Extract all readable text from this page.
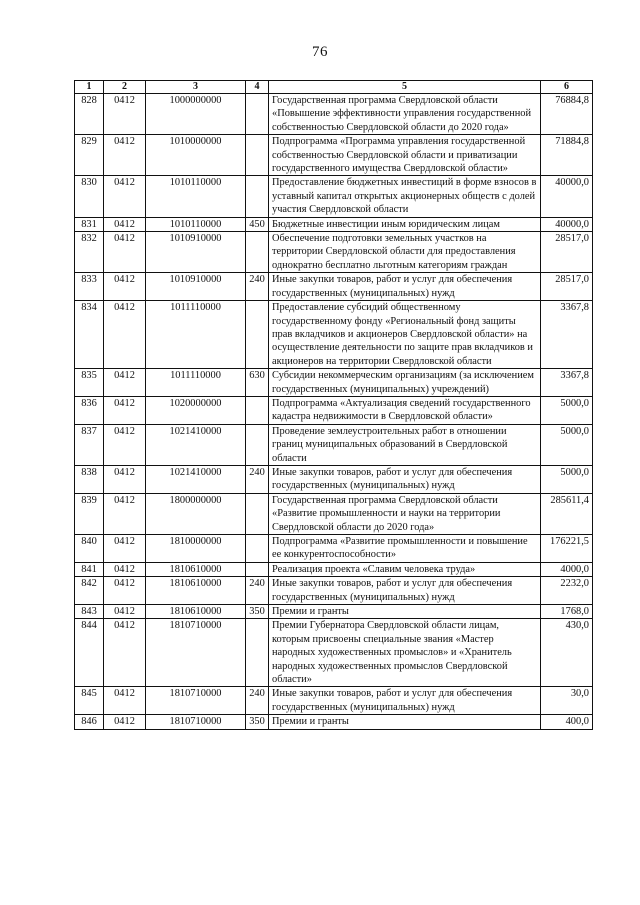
76
1	2	3	4	5	6
828	0412	1000000000		Государственная программа Свердловской области «Повышение эффективности управления государственной собственностью Свердловской области до 2020 года»	76884,8
829	0412	1010000000		Подпрограмма «Программа управления государственной собственностью Свердловской области и приватизации государственного имущества Свердловской области»	71884,8
830	0412	1010110000		Предоставление бюджетных инвестиций в форме взносов в уставный капитал открытых акционерных обществ с долей участия Свердловской области	40000,0
831	0412	1010110000	450	Бюджетные инвестиции иным юридическим лицам	40000,0
832	0412	1010910000		Обеспечение подготовки земельных участков на территории Свердловской области для предоставления однократно бесплатно льготным категориям граждан	28517,0
833	0412	1010910000	240	Иные закупки товаров, работ и услуг для обеспечения государственных (муниципальных) нужд	28517,0
834	0412	1011110000		Предоставление субсидий общественному государственному фонду «Региональный фонд защиты прав вкладчиков и акционеров Свердловской области» на осуществление деятельности по защите прав вкладчиков и акционеров на территории Свердловской области	3367,8
835	0412	1011110000	630	Субсидии некоммерческим организациям (за исключением государственных (муниципальных) учреждений)	3367,8
836	0412	1020000000		Подпрограмма «Актуализация сведений государственного кадастра недвижимости в Свердловской области»	5000,0
837	0412	1021410000		Проведение землеустроительных работ в отношении границ муниципальных образований в Свердловской области	5000,0
838	0412	1021410000	240	Иные закупки товаров, работ и услуг для обеспечения государственных (муниципальных) нужд	5000,0
839	0412	1800000000		Государственная программа Свердловской области «Развитие промышленности и науки на территории Свердловской области до 2020 года»	285611,4
840	0412	1810000000		Подпрограмма «Развитие промышленности и повышение ее конкурентоспособности»	176221,5
841	0412	1810610000		Реализация проекта «Славим человека труда»	4000,0
842	0412	1810610000	240	Иные закупки товаров, работ и услуг для обеспечения государственных (муниципальных) нужд	2232,0
843	0412	1810610000	350	Премии и гранты	1768,0
844	0412	1810710000		Премии Губернатора Свердловской области лицам, которым присвоены специальные звания «Мастер народных художественных промыслов» и «Хранитель народных художественных промыслов Свердловской области»	430,0
845	0412	1810710000	240	Иные закупки товаров, работ и услуг для обеспечения государственных (муниципальных) нужд	30,0
846	0412	1810710000	350	Премии и гранты	400,0
